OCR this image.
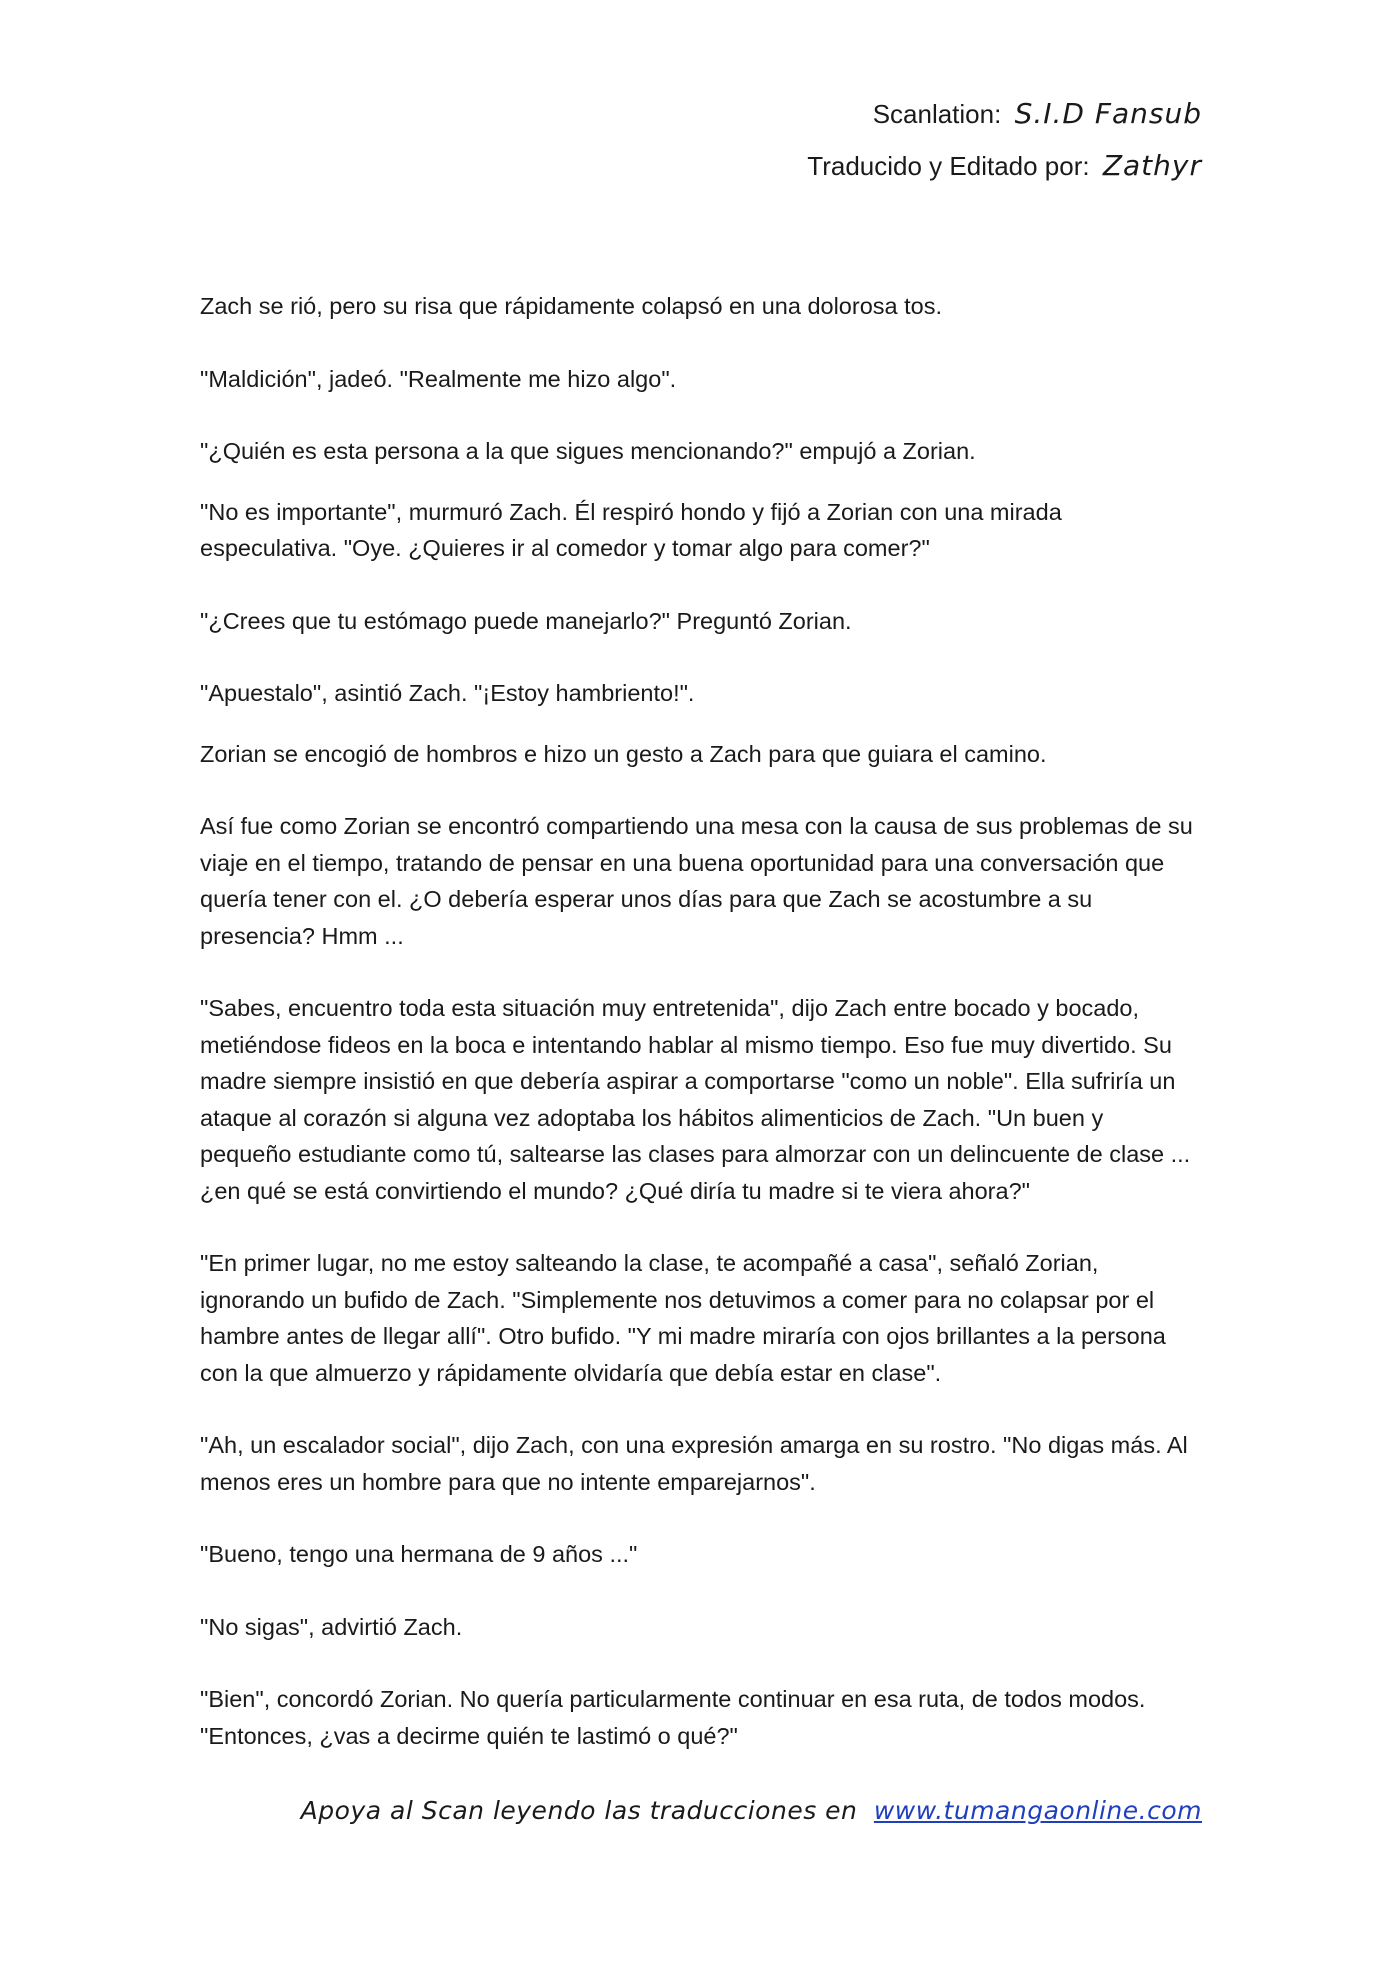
Scanlation: S.I.D Fansub
Traducido y Editado por: Zathyr

Zach se rió, pero su risa que rápidamente colapsó en una dolorosa tos.

"Maldición", jadeó. "Realmente me hizo algo".

"¿Quién es esta persona a la que sigues mencionando?" empujó a Zorian.

"No es importante", murmuró Zach. Él respiró hondo y fijó a Zorian con una mirada especulativa. "Oye. ¿Quieres ir al comedor y tomar algo para comer?"

"¿Crees que tu estómago puede manejarlo?" Preguntó Zorian.

"Apuestalo", asintió Zach. "¡Estoy hambriento!".

Zorian se encogió de hombros e hizo un gesto a Zach para que guiara el camino.

Así fue como Zorian se encontró compartiendo una mesa con la causa de sus problemas de su viaje en el tiempo, tratando de pensar en una buena oportunidad para una conversación que quería tener con el. ¿O debería esperar unos días para que Zach se acostumbre a su presencia? Hmm ...

"Sabes, encuentro toda esta situación muy entretenida", dijo Zach entre bocado y bocado, metiéndose fideos en la boca e intentando hablar al mismo tiempo. Eso fue muy divertido. Su madre siempre insistió en que debería aspirar a comportarse "como un noble". Ella sufriría un ataque al corazón si alguna vez adoptaba los hábitos alimenticios de Zach. "Un buen y pequeño estudiante como tú, saltearse las clases para almorzar con un delincuente de clase ... ¿en qué se está convirtiendo el mundo? ¿Qué diría tu madre si te viera ahora?"

"En primer lugar, no me estoy salteando la clase, te acompañé a casa", señaló Zorian, ignorando un bufido de Zach. "Simplemente nos detuvimos a comer para no colapsar por el hambre antes de llegar allí". Otro bufido. "Y mi madre miraría con ojos brillantes a la persona con la que almuerzo y rápidamente olvidaría que debía estar en clase".

"Ah, un escalador social", dijo Zach, con una expresión amarga en su rostro. "No digas más. Al menos eres un hombre para que no intente emparejarnos".

"Bueno, tengo una hermana de 9 años ..."

"No sigas", advirtió Zach.

"Bien", concordó Zorian. No quería particularmente continuar en esa ruta, de todos modos. "Entonces, ¿vas a decirme quién te lastimó o qué?"

Apoya al Scan leyendo las traducciones en www.tumangaonline.com
